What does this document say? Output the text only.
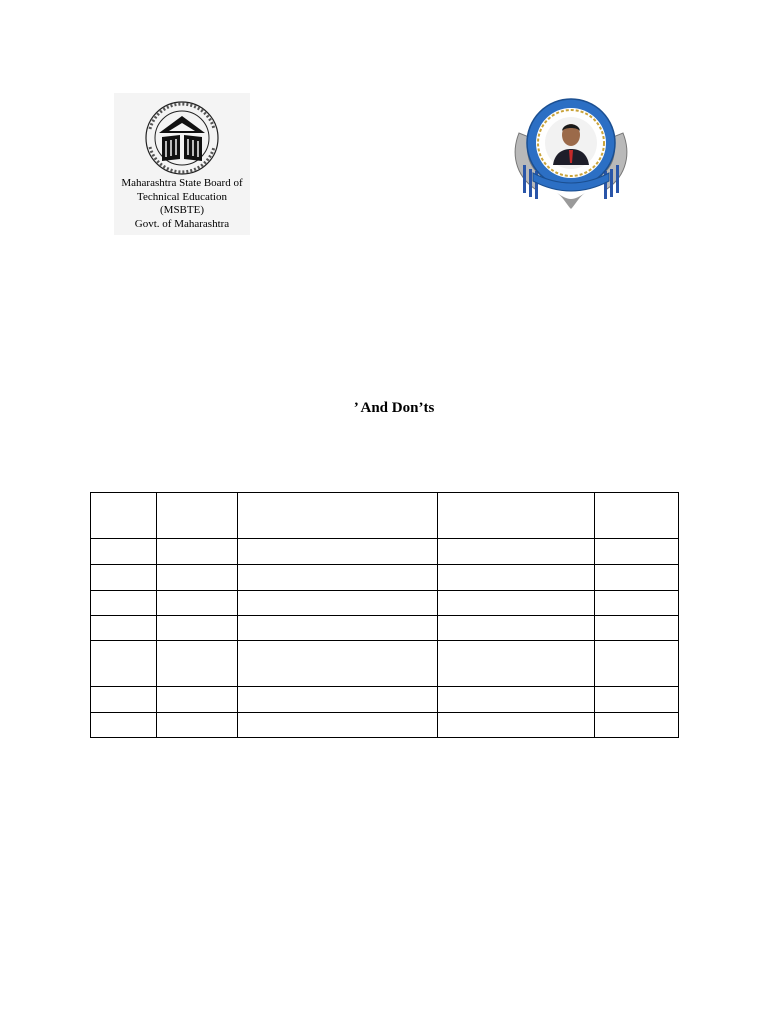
Maharashtra State Board of
Technical Education
(MSBTE)
Govt. of Maharashtra
’ And Don’ts
